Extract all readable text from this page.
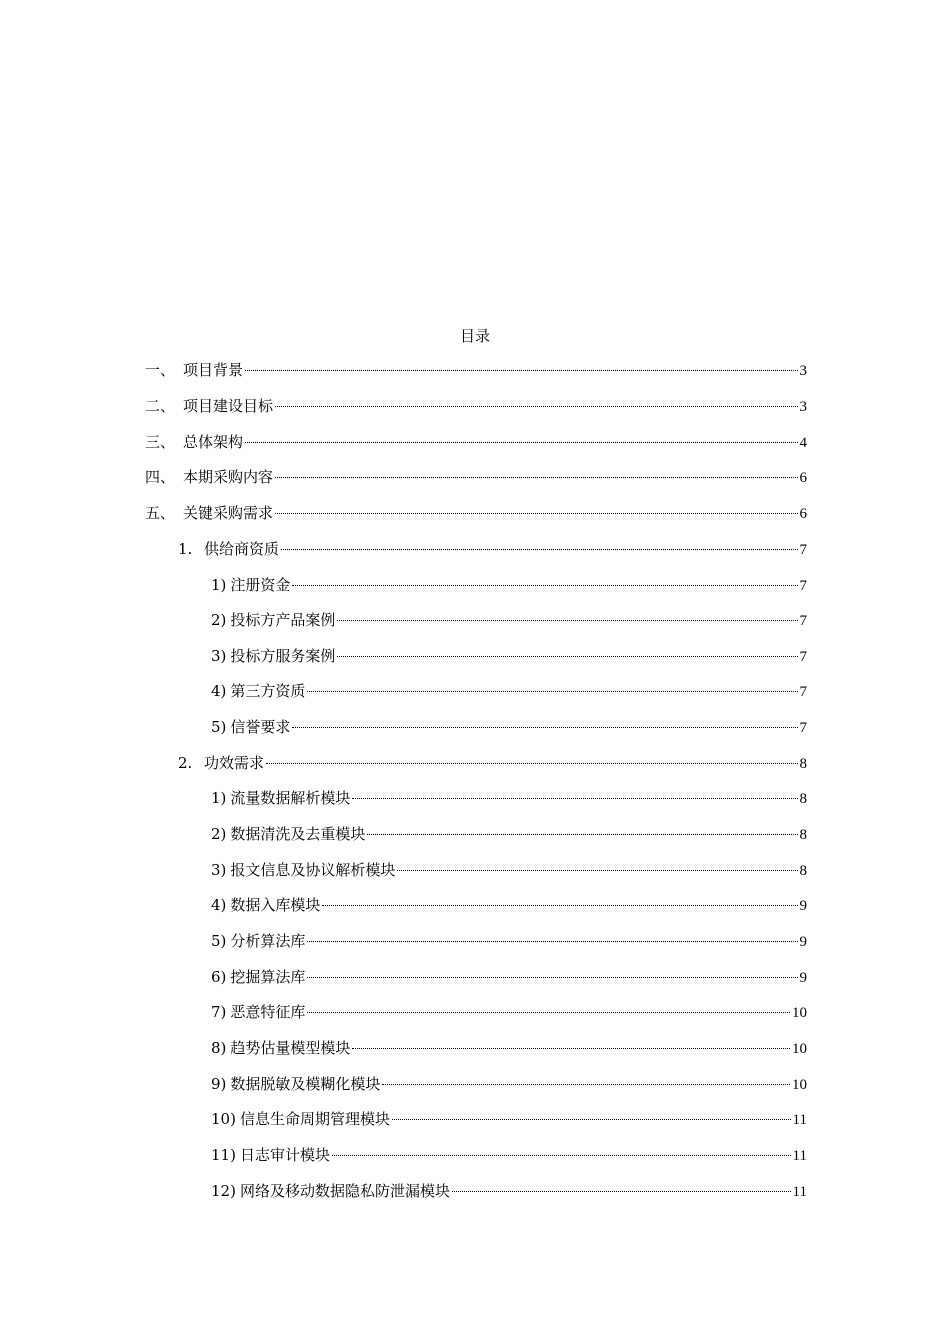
目录
一、 项目背景	3
二、 项目建设目标	3
三、 总体架构	4
四、 本期采购内容	6
五、 关键采购需求	6
1. 供给商资质	7
1) 注册资金	7
2) 投标方产品案例	7
3) 投标方服务案例	7
4) 第三方资质	7
5) 信誉要求	7
2. 功效需求	8
1) 流量数据解析模块	8
2) 数据清洗及去重模块	8
3) 报文信息及协议解析模块	8
4) 数据入库模块	9
5) 分析算法库	9
6) 挖掘算法库	9
7) 恶意特征库	10
8) 趋势估量模型模块	10
9) 数据脱敏及模糊化模块	10
10) 信息生命周期管理模块	11
11) 日志审计模块	11
12) 网络及移动数据隐私防泄漏模块	11
